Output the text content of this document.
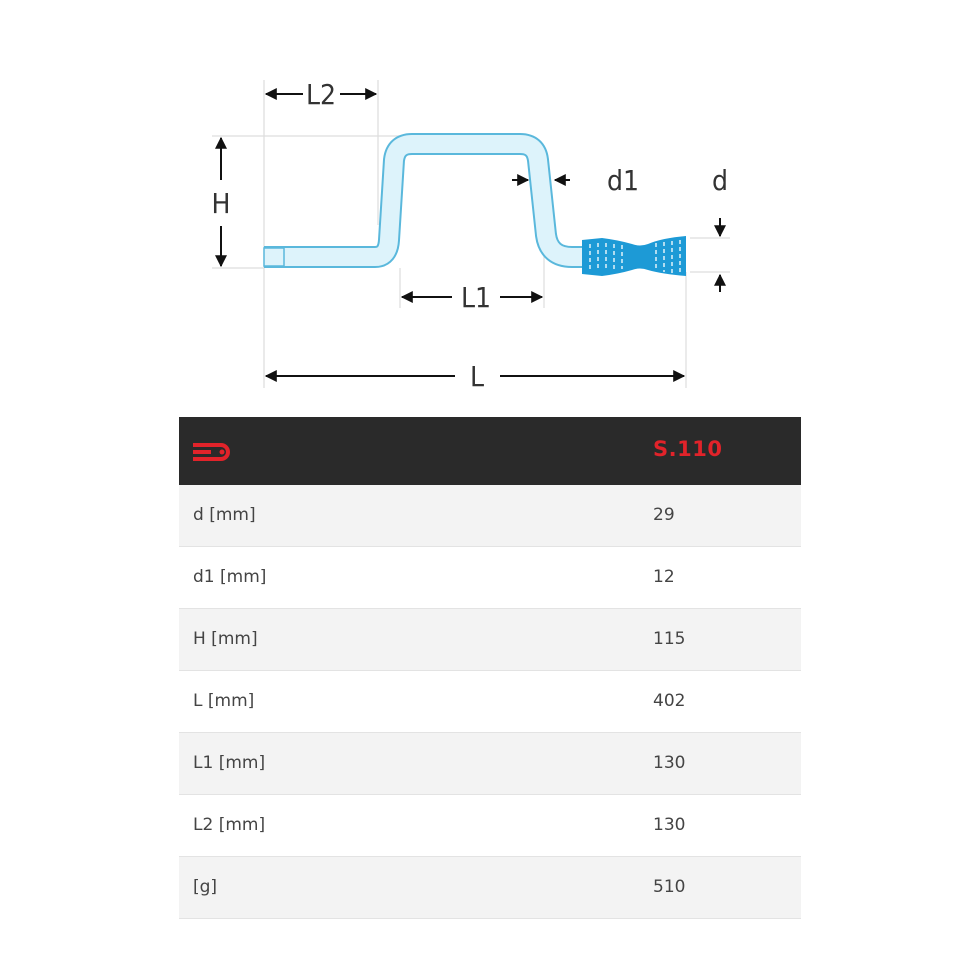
L2
H
d1	d
L1
L
S.110
d [mm]	29
d1 [mm]	12
H [mm]	115
L [mm]	402
L1 [mm]	130
L2 [mm]	130
[g]	510
